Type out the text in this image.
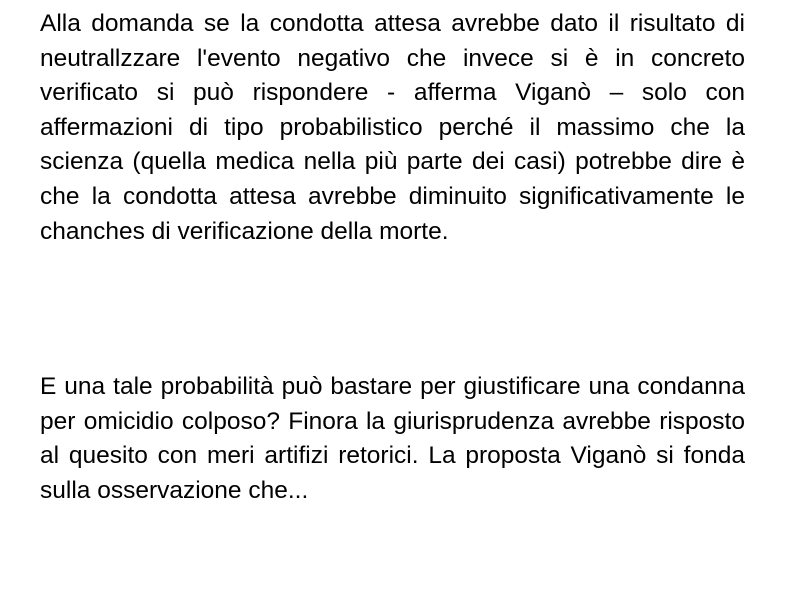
Alla domanda se la condotta attesa avrebbe dato il risultato di neutrallzzare l'evento negativo che invece si è in concreto verificato si può rispondere - afferma Viganò – solo con affermazioni di tipo probabilistico perché il massimo che la scienza (quella medica nella più parte dei casi) potrebbe dire è che la condotta attesa avrebbe diminuito significativamente le chanches di verificazione della morte.

E una tale probabilità può bastare per giustificare una condanna per omicidio colposo? Finora la giurisprudenza avrebbe risposto al quesito con meri artifizi retorici. La proposta Viganò si fonda sulla osservazione che...
